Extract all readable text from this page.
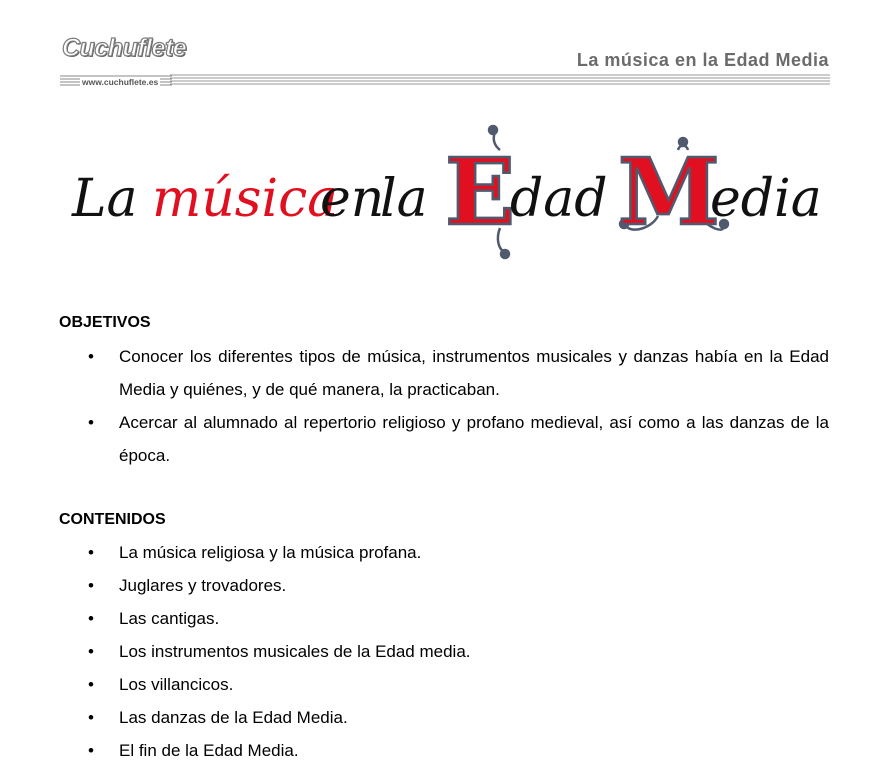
Cuchuflete
www.cuchuflete.es
La música en la Edad Media
La música
en
la E
dad M
edia
OBJETIVOS
• Conocer los diferentes tipos de música, instrumentos musicales y danzas había en la Edad Media y quiénes, y de qué manera, la practicaban.
• Acercar al alumnado al repertorio religioso y profano medieval, así como a las danzas de la época.
CONTENIDOS
• La música religiosa y la música profana.
• Juglares y trovadores.
• Las cantigas.
• Los instrumentos musicales de la Edad media.
• Los villancicos.
• Las danzas de la Edad Media.
• El fin de la Edad Media.
